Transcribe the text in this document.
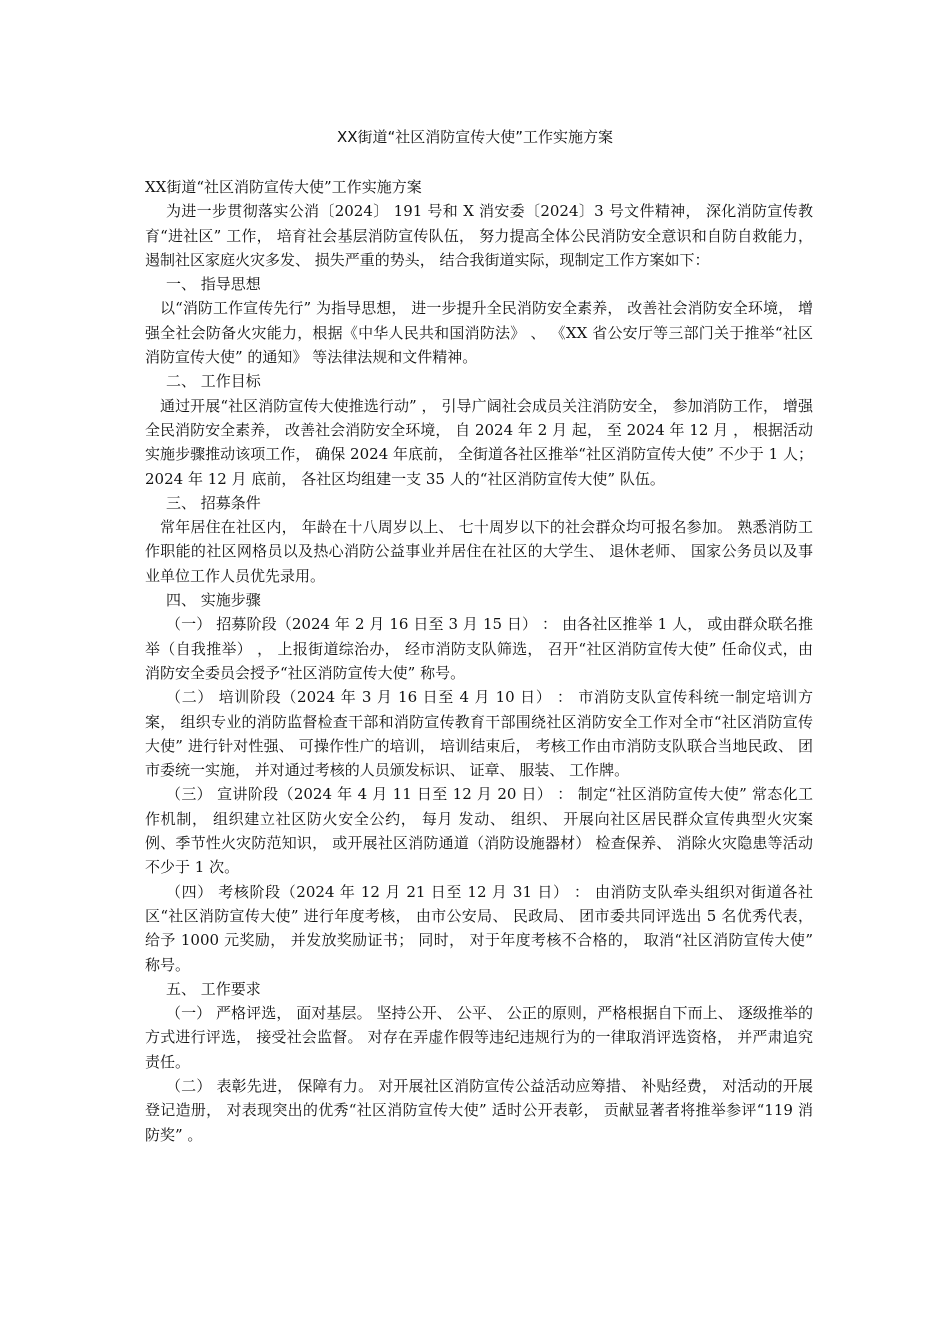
XX街道“社区消防宣传大使”工作实施方案

XX街道“社区消防宣传大使”工作实施方案

为进一步贯彻落实公消〔2024〕 191 号和 X 消安委〔2024〕3 号文件精神， 深化消防宣传教育“进社区” 工作， 培育社会基层消防宣传队伍， 努力提高全体公民消防安全意识和自防自救能力， 遏制社区家庭火灾多发、 损失严重的势头， 结合我街道实际，现制定工作方案如下：

一、 指导思想

以“消防工作宣传先行” 为指导思想， 进一步提升全民消防安全素养， 改善社会消防安全环境， 增强全社会防备火灾能力，根据《中华人民共和国消防法》 、 《XX 省公安厅等三部门关于推举“社区消防宣传大使” 的通知》 等法律法规和文件精神。

二、 工作目标

通过开展“社区消防宣传大使推选行动” ， 引导广阔社会成员关注消防安全， 参加消防工作， 增强全民消防安全素养， 改善社会消防安全环境， 自 2024 年 2 月 起， 至 2024 年 12 月 ， 根据活动实施步骤推动该项工作， 确保 2024 年底前， 全街道各社区推举“社区消防宣传大使” 不少于 1 人； 2024 年 12 月 底前， 各社区均组建一支 35 人的“社区消防宣传大使” 队伍。

三、 招募条件

常年居住在社区内， 年龄在十八周岁以上、 七十周岁以下的社会群众均可报名参加。 熟悉消防工作职能的社区网格员以及热心消防公益事业并居住在社区的大学生、 退休老师、 国家公务员以及事业单位工作人员优先录用。

四、 实施步骤

（一） 招募阶段（2024 年 2 月 16 日至 3 月 15 日） ： 由各社区推举 1 人， 或由群众联名推举（自我推举） ， 上报街道综治办， 经市消防支队筛选， 召开“社区消防宣传大使” 任命仪式，由消防安全委员会授予“社区消防宣传大使” 称号。

（二） 培训阶段（2024 年 3 月 16 日至 4 月 10 日） ： 市消防支队宣传科统一制定培训方案， 组织专业的消防监督检查干部和消防宣传教育干部围绕社区消防安全工作对全市“社区消防宣传大使” 进行针对性强、 可操作性广的培训， 培训结束后， 考核工作由市消防支队联合当地民政、 团市委统一实施， 并对通过考核的人员颁发标识、 证章、 服装、 工作牌。

（三） 宣讲阶段（2024 年 4 月 11 日至 12 月 20 日） ： 制定“社区消防宣传大使” 常态化工作机制， 组织建立社区防火安全公约， 每月 发动、 组织、 开展向社区居民群众宣传典型火灾案例、季节性火灾防范知识， 或开展社区消防通道（消防设施器材） 检查保养、 消除火灾隐患等活动不少于 1 次。

（四） 考核阶段（2024 年 12 月 21 日至 12 月 31 日） ： 由消防支队牵头组织对街道各社区“社区消防宣传大使” 进行年度考核， 由市公安局、 民政局、 团市委共同评选出 5 名优秀代表，给予 1000 元奖励， 并发放奖励证书； 同时， 对于年度考核不合格的， 取消“社区消防宣传大使” 称号。

五、 工作要求

（一） 严格评选， 面对基层。 坚持公开、 公平、 公正的原则，严格根据自下而上、 逐级推举的方式进行评选， 接受社会监督。 对存在弄虚作假等违纪违规行为的一律取消评选资格， 并严肃追究责任。

（二） 表彰先进， 保障有力。 对开展社区消防宣传公益活动应筹措、 补贴经费， 对活动的开展登记造册， 对表现突出的优秀“社区消防宣传大使” 适时公开表彰， 贡献显著者将推举参评“119 消防奖” 。
